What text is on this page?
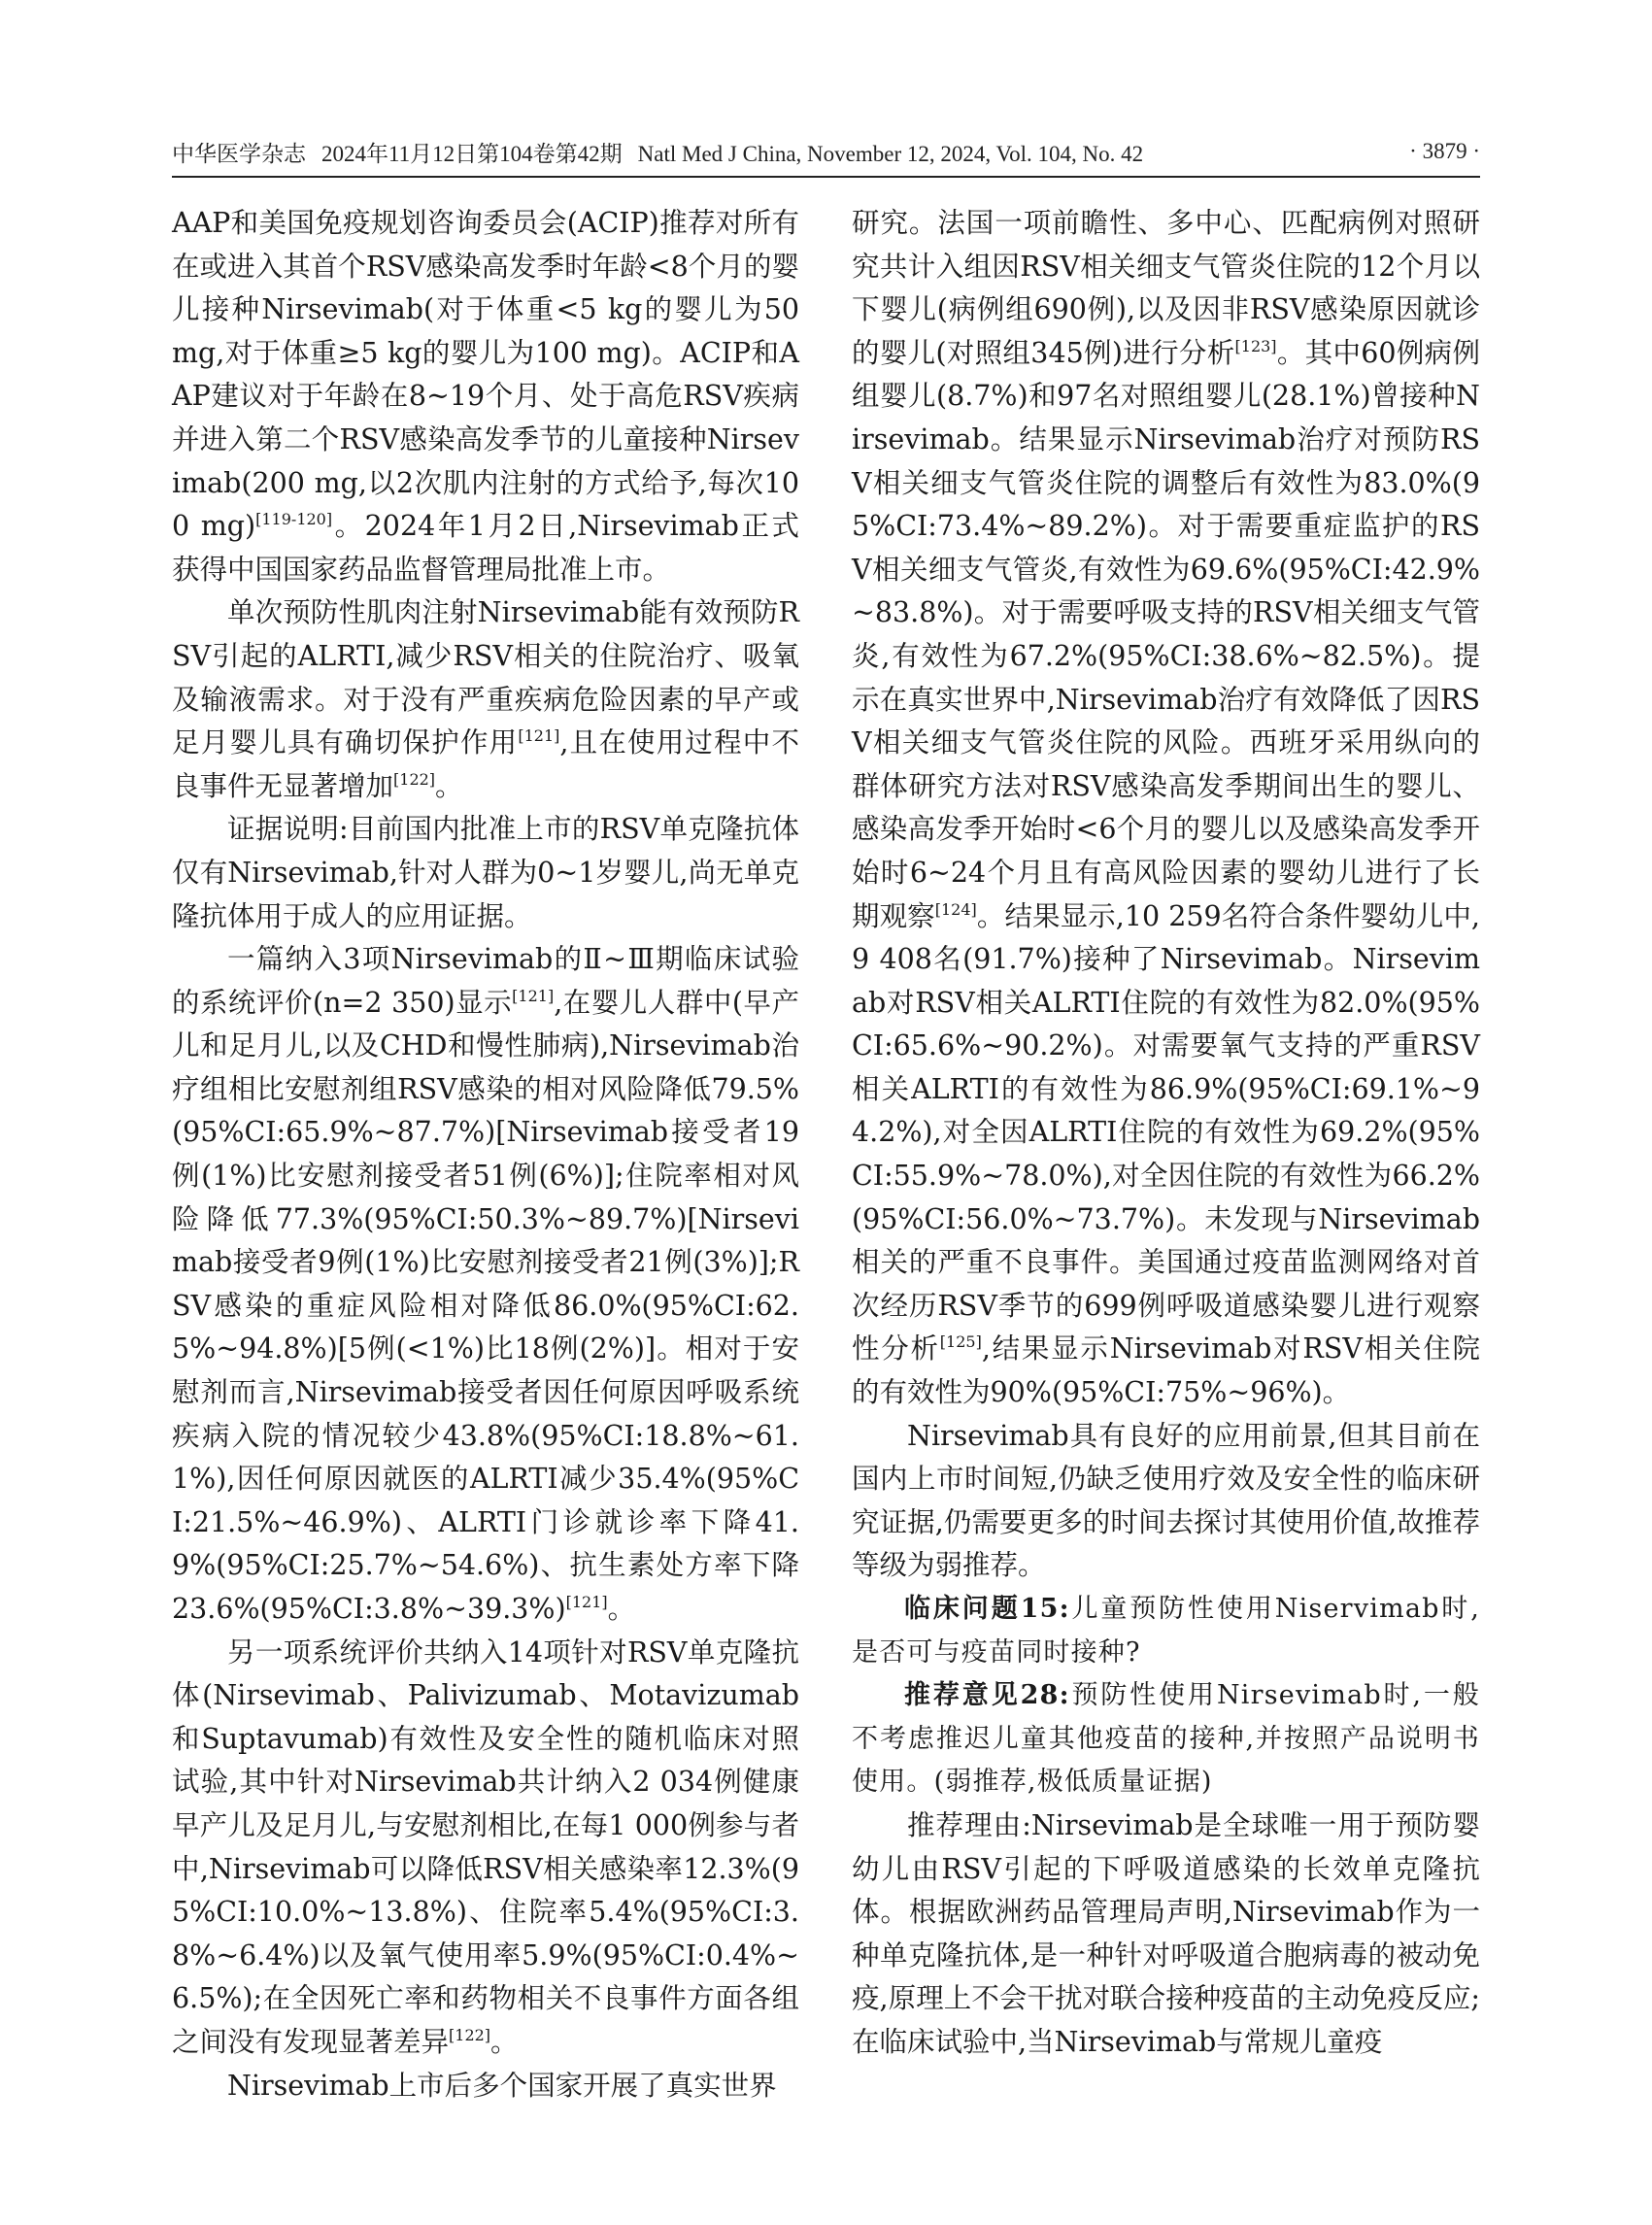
中华医学杂志 2024年11月12日第104卷第42期 Natl Med J China, November 12, 2024, Vol. 104, No. 42	· 3879 ·

AAP和美国免疫规划咨询委员会(ACIP)推荐对所有在或进入其首个RSV感染高发季时年龄<8个月的婴儿接种Nirsevimab(对于体重<5 kg的婴儿为50 mg,对于体重≥5 kg的婴儿为100 mg)。ACIP和AAP建议对于年龄在8~19个月、处于高危RSV疾病并进入第二个RSV感染高发季节的儿童接种Nirsevimab(200 mg,以2次肌内注射的方式给予,每次100 mg)[119-120]。2024年1月2日,Nirsevimab正式获得中国国家药品监督管理局批准上市。

单次预防性肌肉注射Nirsevimab能有效预防RSV引起的ALRTI,减少RSV相关的住院治疗、吸氧及输液需求。对于没有严重疾病危险因素的早产或足月婴儿具有确切保护作用[121],且在使用过程中不良事件无显著增加[122]。

证据说明:目前国内批准上市的RSV单克隆抗体仅有Nirsevimab,针对人群为0~1岁婴儿,尚无单克隆抗体用于成人的应用证据。

一篇纳入3项Nirsevimab的Ⅱ~Ⅲ期临床试验的系统评价(n=2 350)显示[121],在婴儿人群中(早产儿和足月儿,以及CHD和慢性肺病),Nirsevimab治疗组相比安慰剂组RSV感染的相对风险降低79.5%(95%CI:65.9%~87.7%)[Nirsevimab接受者19例(1%)比安慰剂接受者51例(6%)];住院率相对风险降低77.3%(95%CI:50.3%~89.7%)[Nirsevimab接受者9例(1%)比安慰剂接受者21例(3%)];RSV感染的重症风险相对降低86.0%(95%CI:62.5%~94.8%)[5例(<1%)比18例(2%)]。相对于安慰剂而言,Nirsevimab接受者因任何原因呼吸系统疾病入院的情况较少43.8%(95%CI:18.8%~61.1%),因任何原因就医的ALRTI减少35.4%(95%CI:21.5%~46.9%)、ALRTI门诊就诊率下降41.9%(95%CI:25.7%~54.6%)、抗生素处方率下降23.6%(95%CI:3.8%~39.3%)[121]。

另一项系统评价共纳入14项针对RSV单克隆抗体(Nirsevimab、Palivizumab、Motavizumab和Suptavumab)有效性及安全性的随机临床对照试验,其中针对Nirsevimab共计纳入2 034例健康早产儿及足月儿,与安慰剂相比,在每1 000例参与者中,Nirsevimab可以降低RSV相关感染率12.3%(95%CI:10.0%~13.8%)、住院率5.4%(95%CI:3.8%~6.4%)以及氧气使用率5.9%(95%CI:0.4%~6.5%);在全因死亡率和药物相关不良事件方面各组之间没有发现显著差异[122]。

Nirsevimab上市后多个国家开展了真实世界

研究。法国一项前瞻性、多中心、匹配病例对照研究共计入组因RSV相关细支气管炎住院的12个月以下婴儿(病例组690例),以及因非RSV感染原因就诊的婴儿(对照组345例)进行分析[123]。其中60例病例组婴儿(8.7%)和97名对照组婴儿(28.1%)曾接种Nirsevimab。结果显示Nirsevimab治疗对预防RSV相关细支气管炎住院的调整后有效性为83.0%(95%CI:73.4%~89.2%)。对于需要重症监护的RSV相关细支气管炎,有效性为69.6%(95%CI:42.9%~83.8%)。对于需要呼吸支持的RSV相关细支气管炎,有效性为67.2%(95%CI:38.6%~82.5%)。提示在真实世界中,Nirsevimab治疗有效降低了因RSV相关细支气管炎住院的风险。西班牙采用纵向的群体研究方法对RSV感染高发季期间出生的婴儿、感染高发季开始时<6个月的婴儿以及感染高发季开始时6~24个月且有高风险因素的婴幼儿进行了长期观察[124]。结果显示,10 259名符合条件婴幼儿中,9 408名(91.7%)接种了Nirsevimab。Nirsevimab对RSV相关ALRTI住院的有效性为82.0%(95%CI:65.6%~90.2%)。对需要氧气支持的严重RSV相关ALRTI的有效性为86.9%(95%CI:69.1%~94.2%),对全因ALRTI住院的有效性为69.2%(95%CI:55.9%~78.0%),对全因住院的有效性为66.2%(95%CI:56.0%~73.7%)。未发现与Nirsevimab相关的严重不良事件。美国通过疫苗监测网络对首次经历RSV季节的699例呼吸道感染婴儿进行观察性分析[125],结果显示Nirsevimab对RSV相关住院的有效性为90%(95%CI:75%~96%)。

Nirsevimab具有良好的应用前景,但其目前在国内上市时间短,仍缺乏使用疗效及安全性的临床研究证据,仍需要更多的时间去探讨其使用价值,故推荐等级为弱推荐。

临床问题15:儿童预防性使用Niservimab时,是否可与疫苗同时接种?

推荐意见28:预防性使用Nirsevimab时,一般不考虑推迟儿童其他疫苗的接种,并按照产品说明书使用。(弱推荐,极低质量证据)

推荐理由:Nirsevimab是全球唯一用于预防婴幼儿由RSV引起的下呼吸道感染的长效单克隆抗体。根据欧洲药品管理局声明,Nirsevimab作为一种单克隆抗体,是一种针对呼吸道合胞病毒的被动免疫,原理上不会干扰对联合接种疫苗的主动免疫反应;在临床试验中,当Nirsevimab与常规儿童疫
